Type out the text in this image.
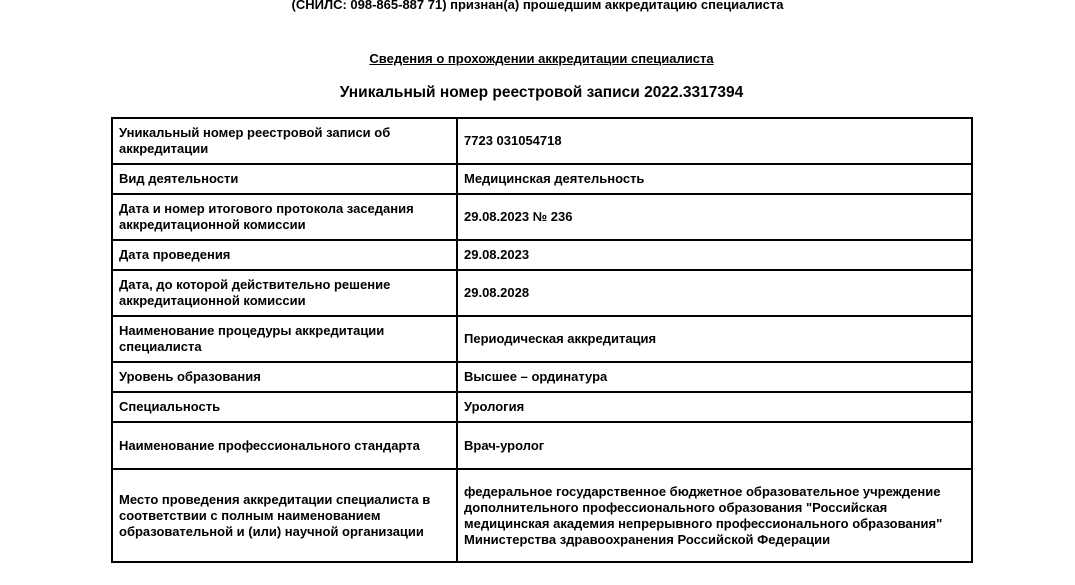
(СНИЛС: 098-865-887 71) признан(а) прошедшим аккредитацию специалиста
Сведения о прохождении аккредитации специалиста
Уникальный номер реестровой записи 2022.3317394
Уникальный номер реестровой записи об аккредитации	7723 031054718
Вид деятельности	Медицинская деятельность
Дата и номер итогового протокола заседания аккредитационной комиссии	29.08.2023 № 236
Дата проведения	29.08.2023
Дата, до которой действительно решение аккредитационной комиссии	29.08.2028
Наименование процедуры аккредитации специалиста	Периодическая аккредитация
Уровень образования	Высшее – ординатура
Специальность	Урология
Наименование профессионального стандарта	Врач-уролог
Место проведения аккредитации специалиста в соответствии с полным наименованием образовательной и (или) научной организации	федеральное государственное бюджетное образовательное учреждение дополнительного профессионального образования "Российская медицинская академия непрерывного профессионального образования" Министерства здравоохранения Российской Федерации
